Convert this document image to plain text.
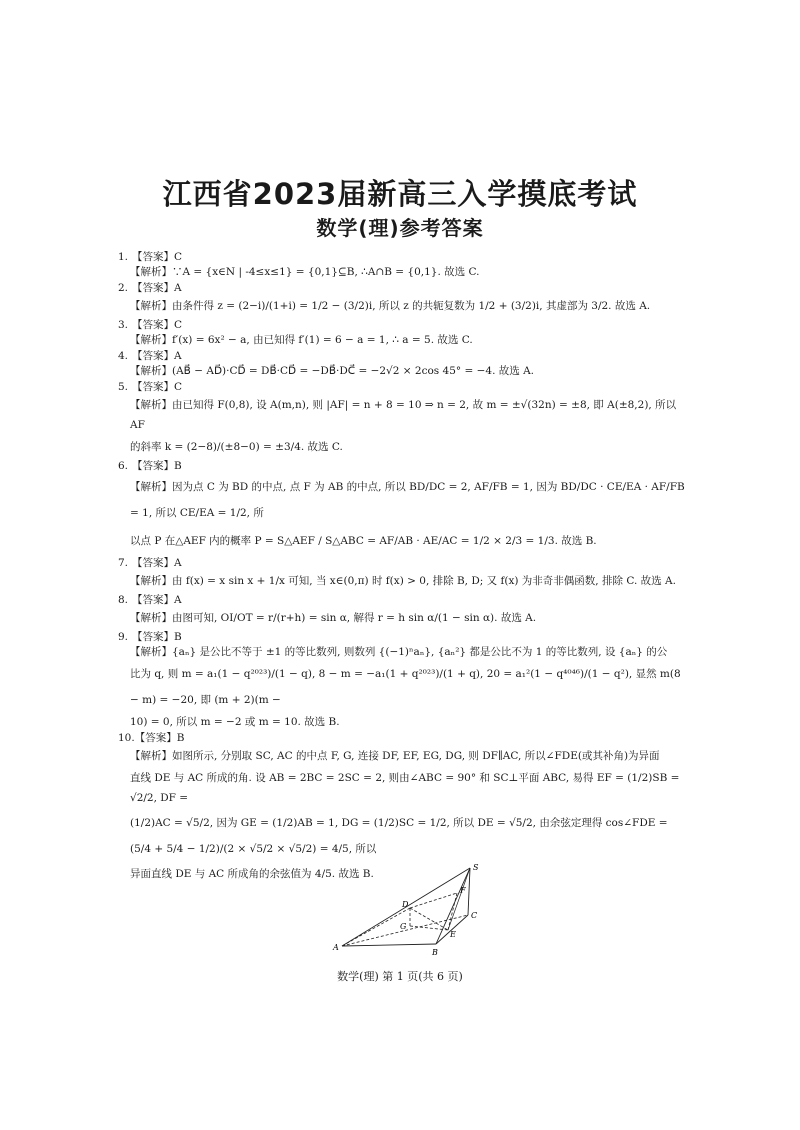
江西省2023届新高三入学摸底考试
数学(理)参考答案
1. 【答案】C
【解析】∵A = {x∈N | -4≤x≤1} = {0,1}⊆B, ∴A∩B = {0,1}. 故选 C.
2. 【答案】A
【解析】由条件得 z = (2−i)/(1+i) = 1/2 − (3/2)i, 所以 z 的共轭复数为 1/2 + (3/2)i, 其虚部为 3/2. 故选 A.
3. 【答案】C
【解析】f′(x) = 6x² − a, 由已知得 f′(1) = 6 − a = 1, ∴ a = 5. 故选 C.
4. 【答案】A
【解析】(AB⃗ − AD⃗)·CD⃗ = DB⃗·CD⃗ = −DB⃗·DC⃗ = −2√2 × 2cos 45° = −4. 故选 A.
5. 【答案】C
【解析】由已知得 F(0,8), 设 A(m,n), 则 |AF| = n + 8 = 10 ⇒ n = 2, 故 m = ±√(32n) = ±8, 即 A(±8,2), 所以 AF
的斜率 k = (2−8)/(±8−0) = ±3/4. 故选 C.
6. 【答案】B
【解析】因为点 C 为 BD 的中点, 点 F 为 AB 的中点, 所以 BD/DC = 2, AF/FB = 1, 因为 BD/DC · CE/EA · AF/FB = 1, 所以 CE/EA = 1/2, 所
以点 P 在△AEF 内的概率 P = S△AEF / S△ABC = AF/AB · AE/AC = 1/2 × 2/3 = 1/3. 故选 B.
7. 【答案】A
【解析】由 f(x) = x sin x + 1/x 可知, 当 x∈(0,π) 时 f(x) > 0, 排除 B, D; 又 f(x) 为非奇非偶函数, 排除 C. 故选 A.
8. 【答案】A
【解析】由图可知, OI/OT = r/(r+h) = sin α, 解得 r = h sin α/(1 − sin α). 故选 A.
9. 【答案】B
【解析】{aₙ} 是公比不等于 ±1 的等比数列, 则数列 {(−1)ⁿaₙ}, {aₙ²} 都是公比不为 1 的等比数列, 设 {aₙ} 的公
比为 q, 则 m = a₁(1 − q²⁰²³)/(1 − q), 8 − m = −a₁(1 + q²⁰²³)/(1 + q), 20 = a₁²(1 − q⁴⁰⁴⁶)/(1 − q²), 显然 m(8 − m) = −20, 即 (m + 2)(m −
10) = 0, 所以 m = −2 或 m = 10. 故选 B.
10.【答案】B
【解析】如图所示, 分别取 SC, AC 的中点 F, G, 连接 DF, EF, EG, DG, 则 DF∥AC, 所以∠FDE(或其补角)为异面
直线 DE 与 AC 所成的角. 设 AB = 2BC = 2SC = 2, 则由∠ABC = 90° 和 SC⊥平面 ABC, 易得 EF = (1/2)SB = √2/2, DF =
(1/2)AC = √5/2, 因为 GE = (1/2)AB = 1, DG = (1/2)SC = 1/2, 所以 DE = √5/2, 由余弦定理得 cos∠FDE = (5/4 + 5/4 − 1/2)/(2 × √5/2 × √5/2) = 4/5, 所以
异面直线 DE 与 AC 所成角的余弦值为 4/5. 故选 B.
S
F
D
C
G
E
B
A
数学(理) 第 1 页(共 6 页)
